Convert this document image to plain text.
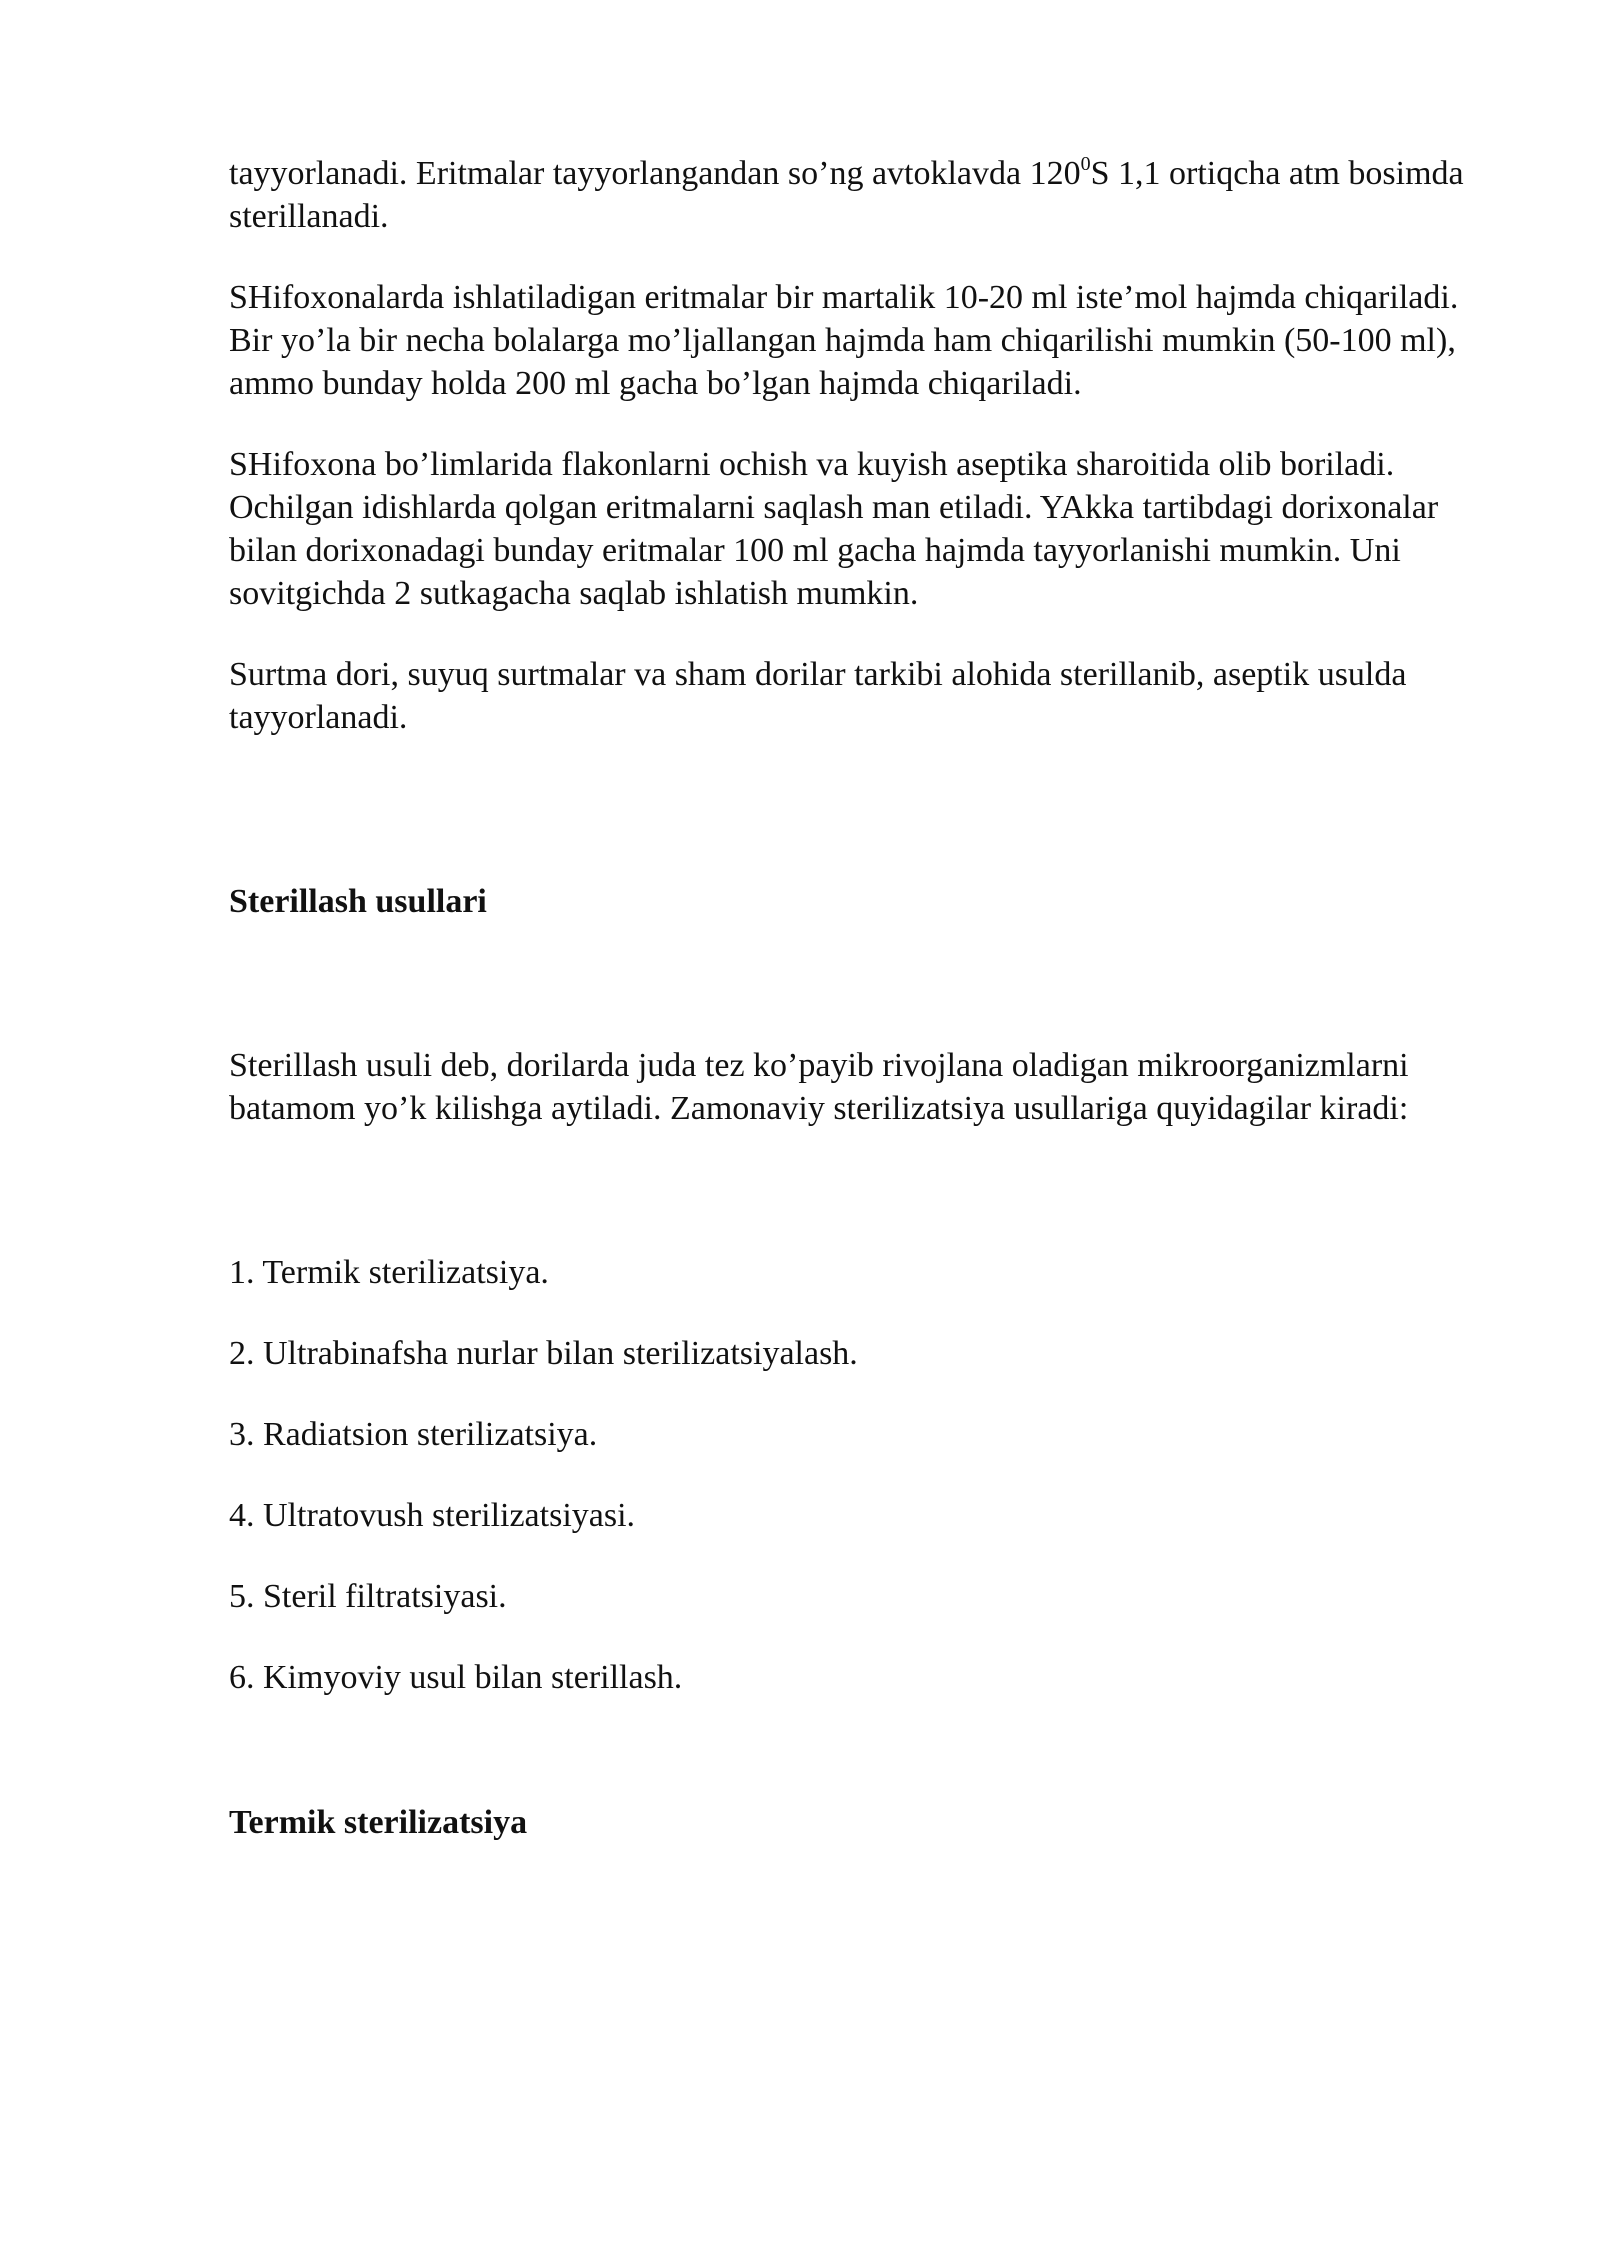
tayyorlanadi. Eritmalar tayyorlangandan so’ng avtoklavda $120^0S$ 1,1 ortiqcha atm bosimda sterillanadi.

SHifoxonalarda ishlatiladigan eritmalar bir martalik 10-20 ml iste’mol hajmda chiqariladi. Bir yo’la bir necha bolalarga mo’ljallangan hajmda ham chiqarilishi mumkin (50-100 ml), ammo bunday holda 200 ml gacha bo’lgan hajmda chiqariladi.

SHifoxona bo’limlarida flakonlarni ochish va kuyish aseptika sharoitida olib boriladi. Ochilgan idishlarda qolgan eritmalarni saqlash man etiladi. YAkka tartibdagi dorixonalar bilan dorixonadagi bunday eritmalar 100 ml gacha hajmda tayyorlanishi mumkin. Uni sovitgichda 2 sutkagacha saqlab ishlatish mumkin.

Surtma dori, suyuq surtmalar va sham dorilar tarkibi alohida sterillanib, aseptik usulda tayyorlanadi.

Sterillash usullari

Sterillash usuli deb, dorilarda juda tez ko’payib rivojlana oladigan mikroorganizmlarni batamom yo’k kilishga aytiladi. Zamonaviy sterilizatsiya usullariga quyidagilar kiradi:

1. Termik sterilizatsiya.
2. Ultrabinafsha nurlar bilan sterilizatsiyalash.
3. Radiatsion sterilizatsiya.
4. Ultratovush sterilizatsiyasi.
5. Steril filtratsiyasi.
6. Kimyoviy usul bilan sterillash.

Termik sterilizatsiya
